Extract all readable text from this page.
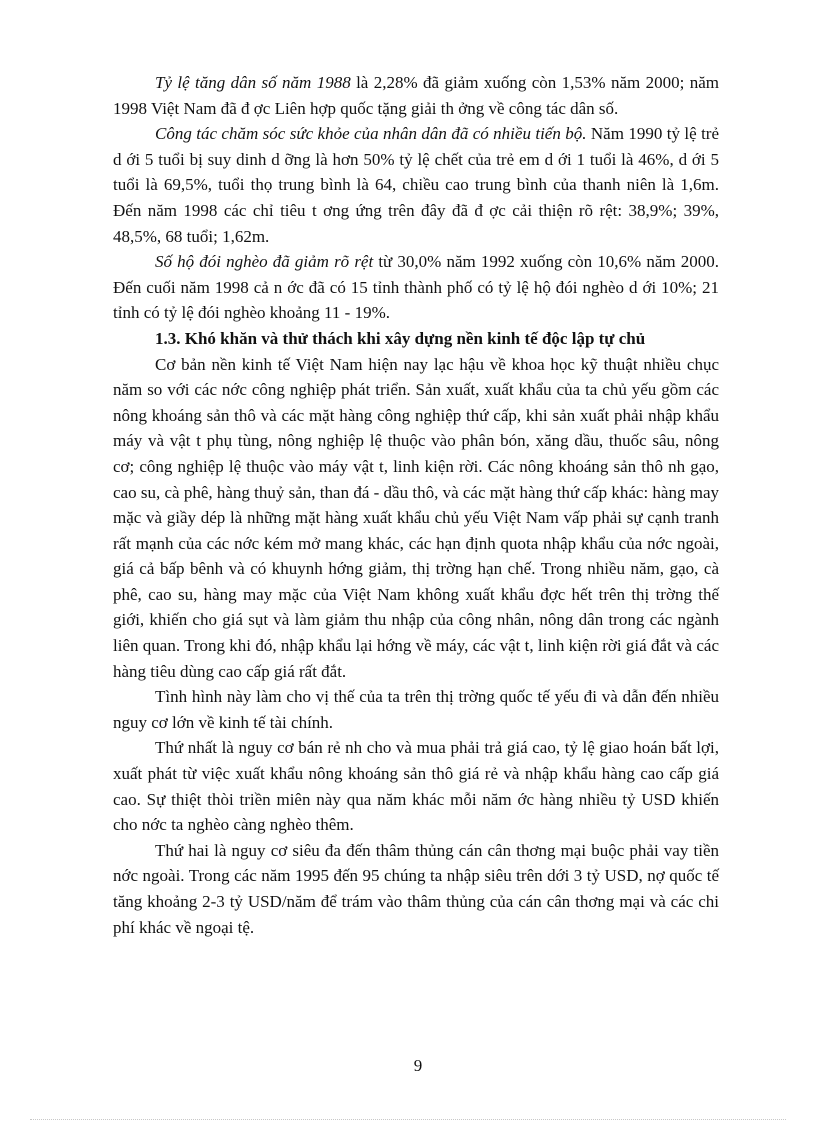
Tỷ lệ tăng dân số năm 1988 là 2,28% đã giảm xuống còn 1,53% năm 2000; năm 1998 Việt Nam đã đ ợc Liên hợp quốc tặng giải th ởng về công tác dân số.

Công tác chăm sóc sức khỏe của nhân dân đã có nhiều tiến bộ. Năm 1990 tỷ lệ trẻ d ới 5 tuổi bị suy dinh d ỡng là hơn 50% tỷ lệ chết của trẻ em d ới 1 tuổi là 46%, d ới 5 tuổi là 69,5%, tuổi thọ trung bình là 64, chiều cao trung bình của thanh niên là 1,6m. Đến năm 1998 các chỉ tiêu t ơng ứng trên đây đã đ ợc cải thiện rõ rệt: 38,9%; 39%, 48,5%, 68 tuổi; 1,62m.

Số hộ đói nghèo đã giảm rõ rệt từ 30,0% năm 1992 xuống còn 10,6% năm 2000. Đến cuối năm 1998 cả n ớc đã có 15 tỉnh thành phố có tỷ lệ hộ đói nghèo d ới 10%; 21 tỉnh có tỷ lệ đói nghèo khoảng 11 - 19%.

1.3. Khó khăn và thử thách khi xây dựng nền kinh tế độc lập tự chủ

Cơ bản nền kinh tế Việt Nam hiện nay lạc hậu về khoa học kỹ thuật nhiều chục năm so với các nớc công nghiệp phát triển. Sản xuất, xuất khẩu của ta chủ yếu gồm các nông khoáng sản thô và các mặt hàng công nghiệp thứ cấp, khi sản xuất phải nhập khẩu máy và vật t phụ tùng, nông nghiệp lệ thuộc vào phân bón, xăng dầu, thuốc sâu, nông cơ; công nghiệp lệ thuộc vào máy vật t, linh kiện rời. Các nông khoáng sản thô nh gạo, cao su, cà phê, hàng thuỷ sản, than đá - dầu thô, và các mặt hàng thứ cấp khác: hàng may mặc và giầy dép là những mặt hàng xuất khẩu chủ yếu Việt Nam vấp phải sự cạnh tranh rất mạnh của các nớc kém mở mang khác, các hạn định quota nhập khẩu của nớc ngoài, giá cả bấp bênh và có khuynh hớng giảm, thị trờng hạn chế. Trong nhiều năm, gạo, cà phê, cao su, hàng may mặc của Việt Nam không xuất khẩu đợc hết trên thị trờng thế giới, khiến cho giá sụt và làm giảm thu nhập của công nhân, nông dân trong các ngành liên quan. Trong khi đó, nhập khẩu lại hớng về máy, các vật t, linh kiện rời giá đắt và các hàng tiêu dùng cao cấp giá rất đắt.

Tình hình này làm cho vị thế của ta trên thị trờng quốc tế yếu đi và dẫn đến nhiều nguy cơ lớn về kinh tế tài chính.

Thứ nhất là nguy cơ bán rẻ nh cho và mua phải trả giá cao, tỷ lệ giao hoán bất lợi, xuất phát từ việc xuất khẩu nông khoáng sản thô giá rẻ và nhập khẩu hàng cao cấp giá cao. Sự thiệt thòi triền miên này qua năm khác mỗi năm ớc hàng nhiều tỷ USD khiến cho nớc ta nghèo càng nghèo thêm.

Thứ hai là nguy cơ siêu đa đến thâm thủng cán cân thơng mại buộc phải vay tiền nớc ngoài. Trong các năm 1995 đến 95 chúng ta nhập siêu trên dới 3 tỷ USD, nợ quốc tế tăng khoảng 2-3 tỷ USD/năm để trám vào thâm thủng của cán cân thơng mại và các chi phí khác về ngoại tệ.

9
